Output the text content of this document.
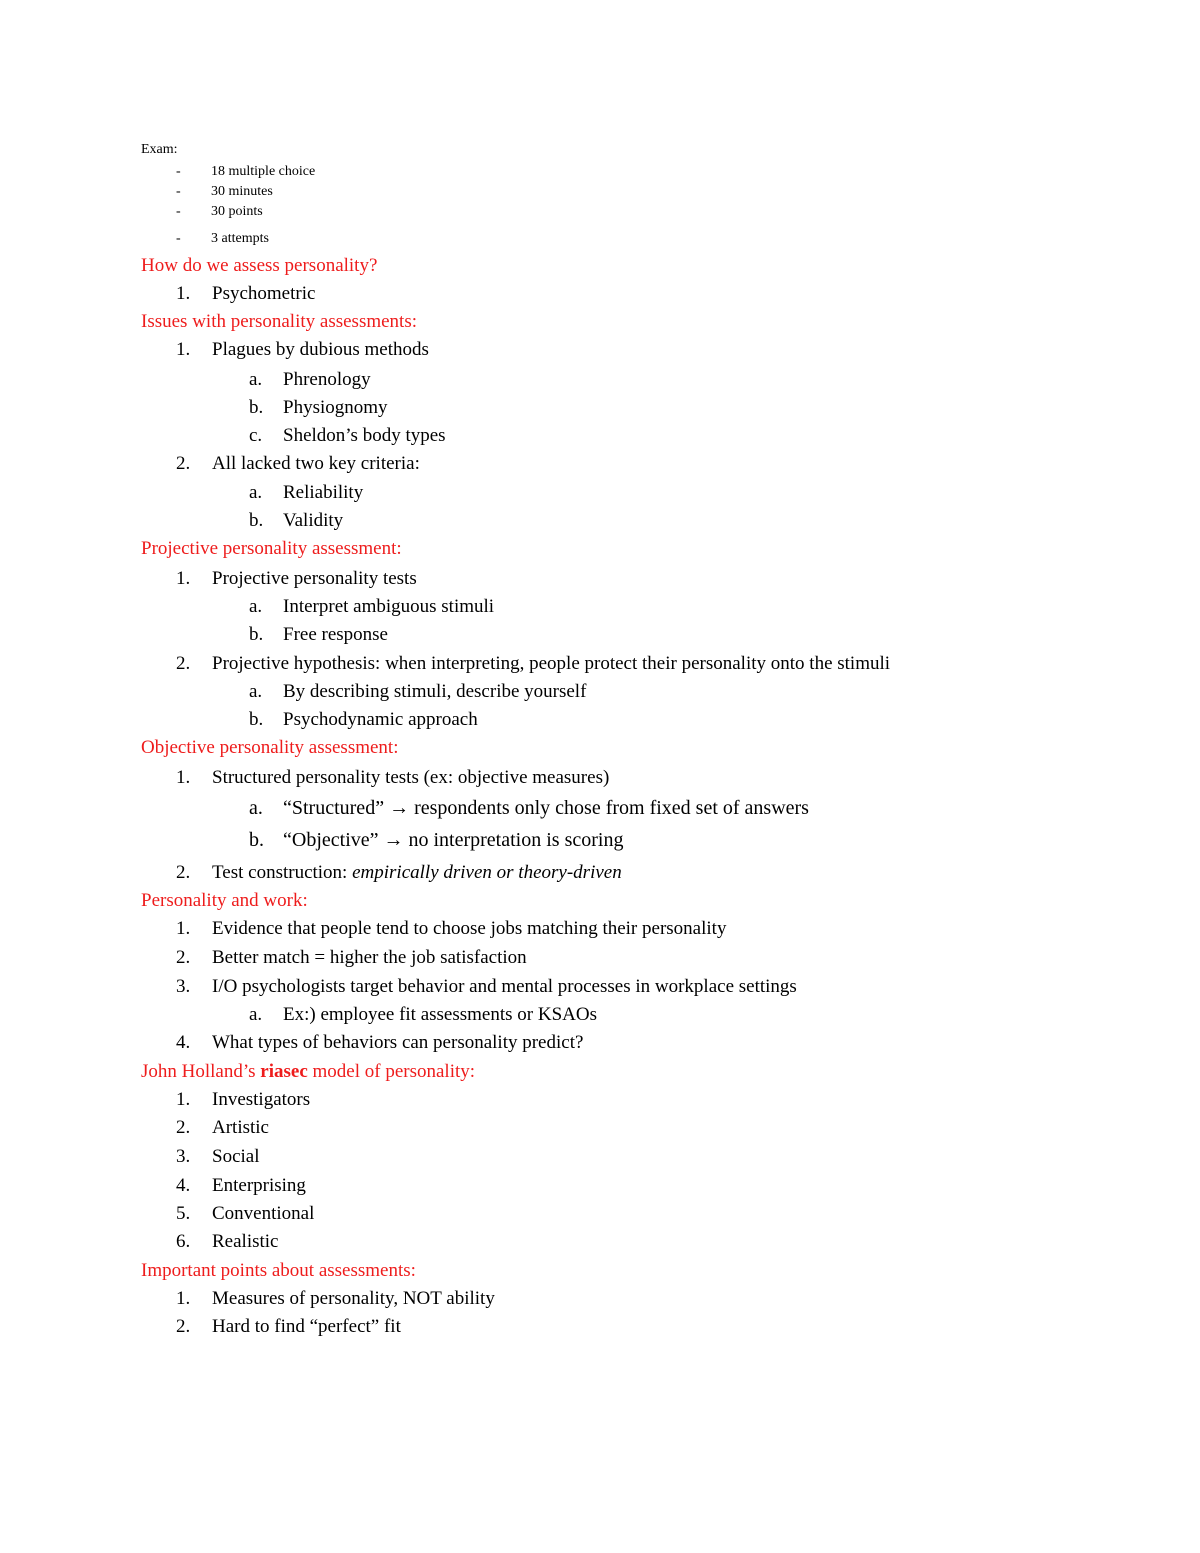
Exam:
- 18 multiple choice
- 30 minutes
- 30 points
- 3 attempts
How do we assess personality?
1. Psychometric
Issues with personality assessments:
1. Plagues by dubious methods
a. Phrenology
b. Physiognomy
c. Sheldon’s body types
2. All lacked two key criteria:
a. Reliability
b. Validity
Projective personality assessment:
1. Projective personality tests
a. Interpret ambiguous stimuli
b. Free response
2. Projective hypothesis: when interpreting, people protect their personality onto the stimuli
a. By describing stimuli, describe yourself
b. Psychodynamic approach
Objective personality assessment:
1. Structured personality tests (ex: objective measures)
a. “Structured” → respondents only chose from fixed set of answers
b. “Objective” → no interpretation is scoring
2. Test construction: empirically driven or theory-driven
Personality and work:
1. Evidence that people tend to choose jobs matching their personality
2. Better match = higher the job satisfaction
3. I/O psychologists target behavior and mental processes in workplace settings
a. Ex:) employee fit assessments or KSAOs
4. What types of behaviors can personality predict?
John Holland’s riasec model of personality:
1. Investigators
2. Artistic
3. Social
4. Enterprising
5. Conventional
6. Realistic
Important points about assessments:
1. Measures of personality, NOT ability
2. Hard to find “perfect” fit
